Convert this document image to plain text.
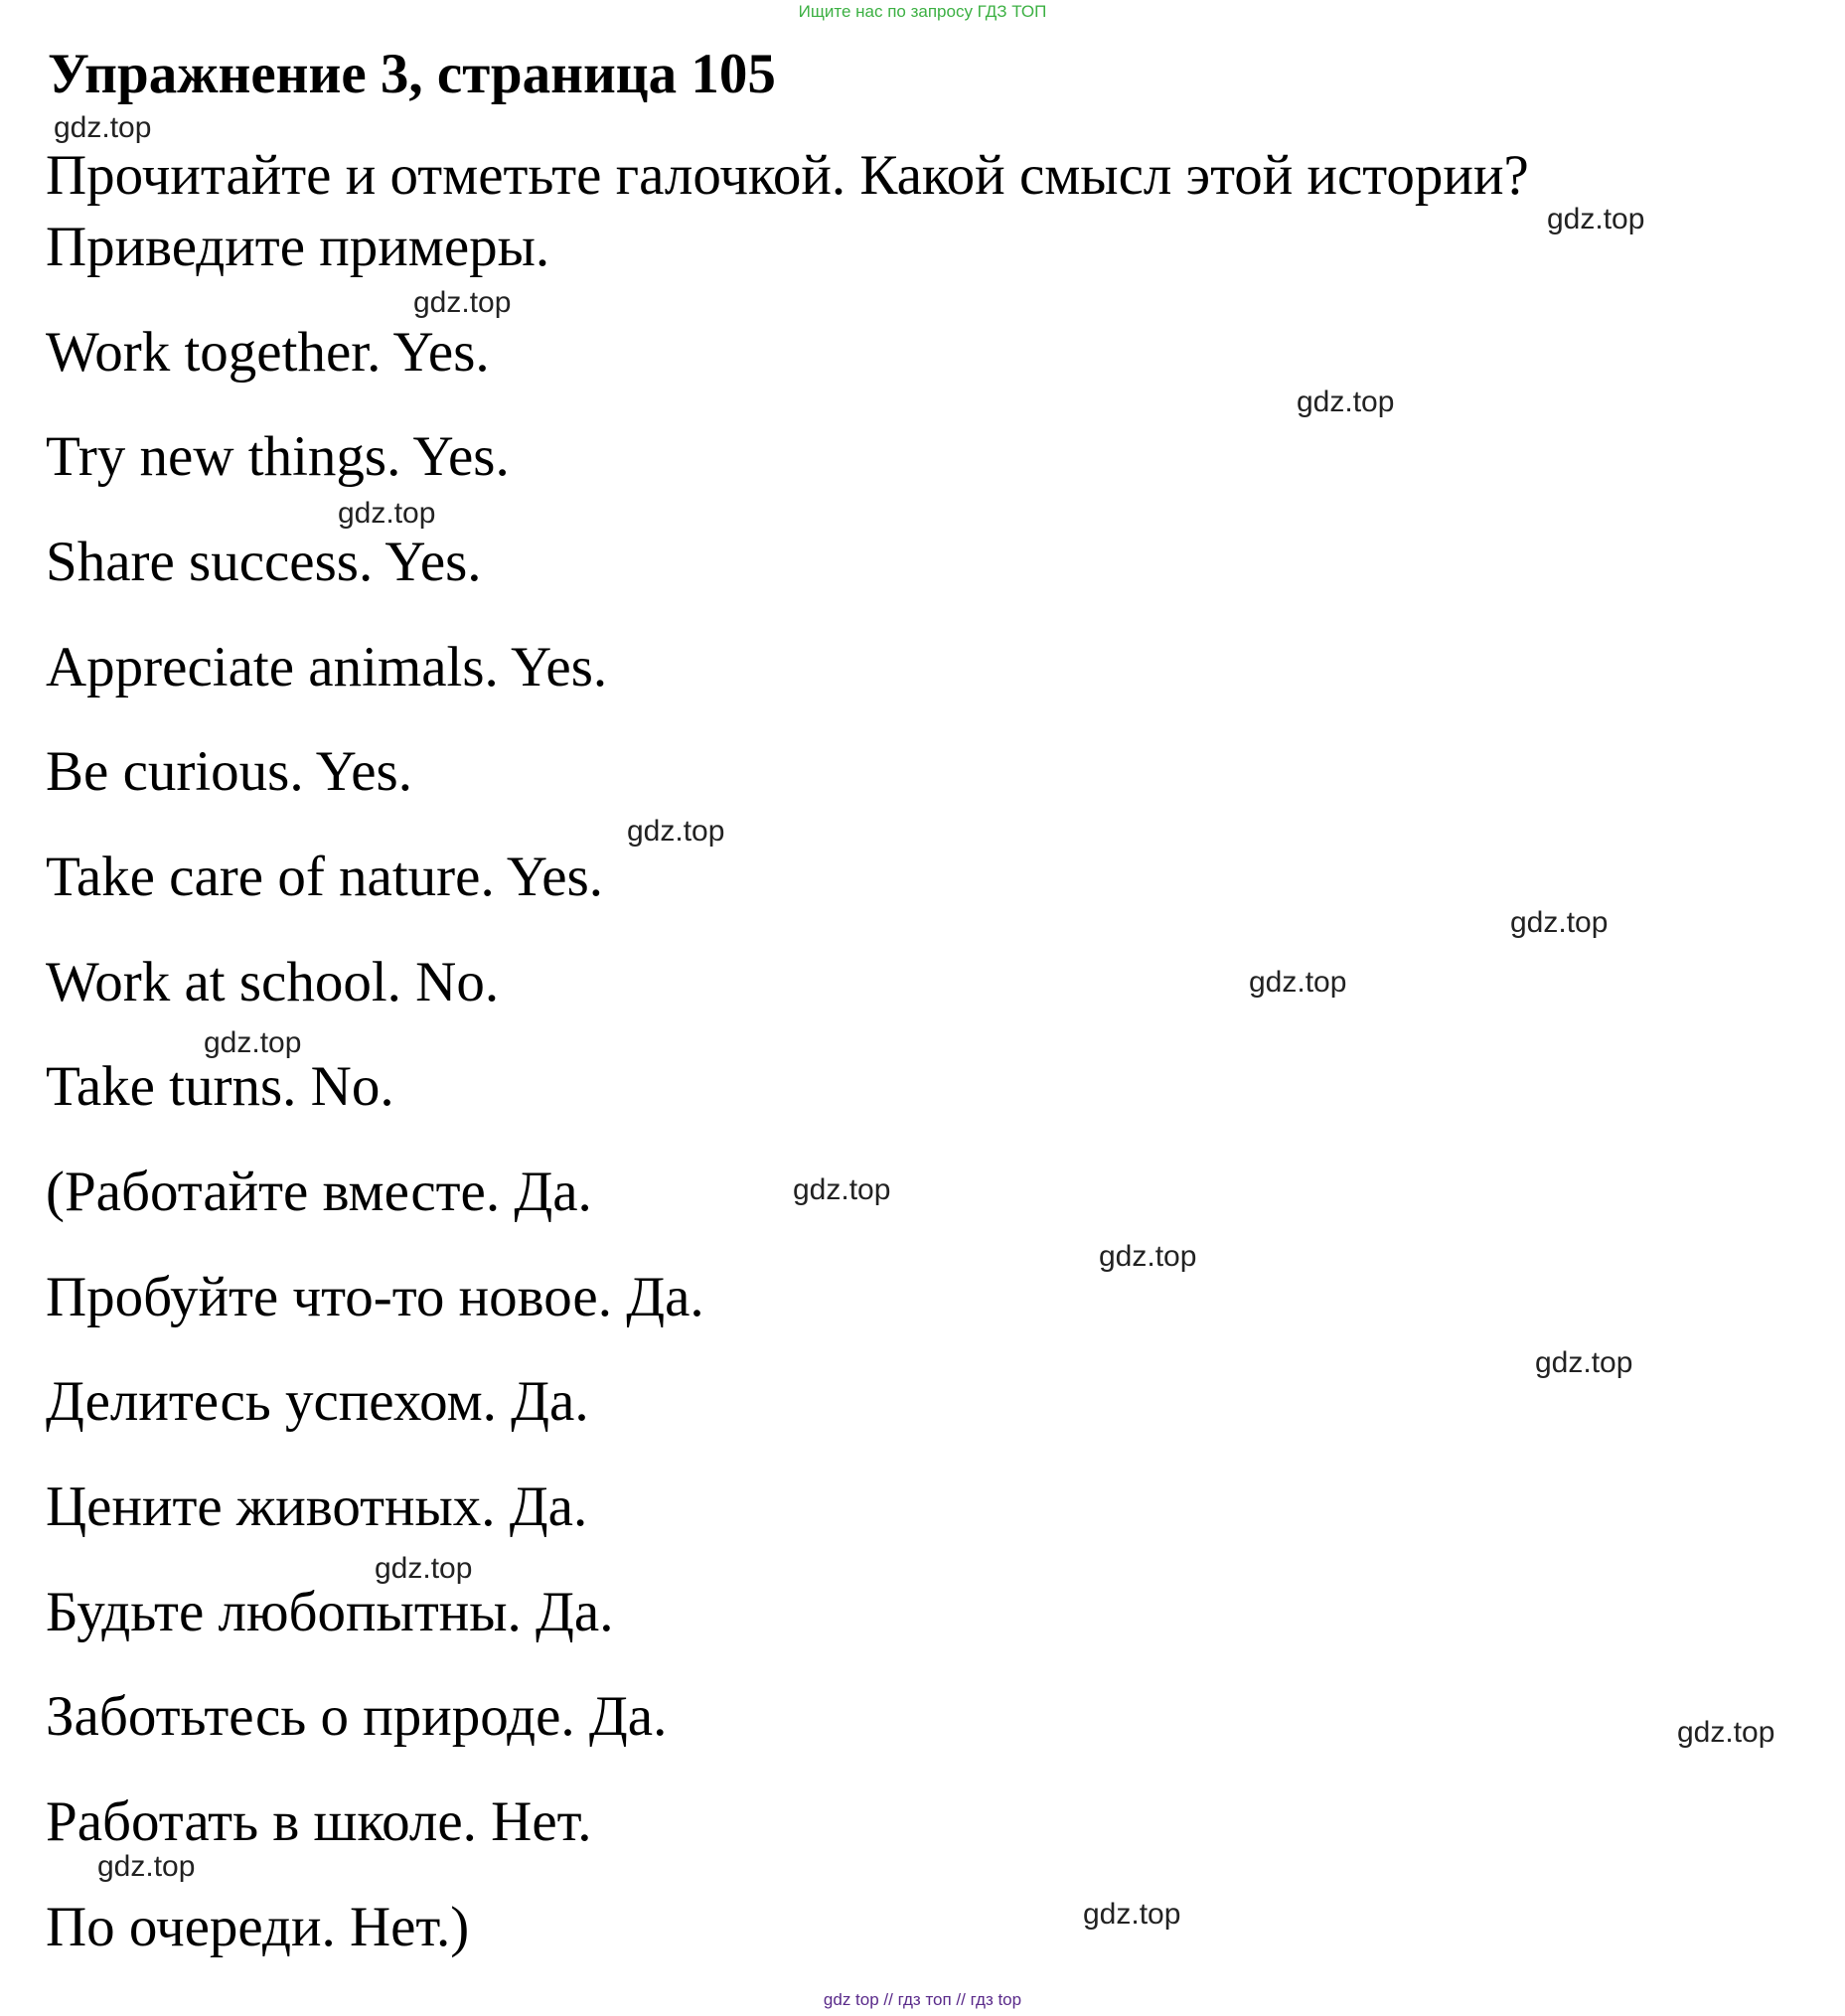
Ищите нас по запросу ГДЗ ТОП
Упражнение 3, страница 105

Прочитайте и отметьте галочкой. Какой смысл этой истории?

Приведите примеры.

Work together. Yes.

Try new things. Yes.

Share success. Yes.

Appreciate animals. Yes.

Be curious. Yes.

Take care of nature. Yes.

Work at school. No.

Take turns. No.

(Работайте вместе. Да.

Пробуйте что-то новое. Да.

Делитесь успехом. Да.

Цените животных. Да.

Будьте любопытны. Да.

Заботьтесь о природе. Да.

Работать в школе. Нет.

По очереди. Нет.)

gdz.top
gdz.top
gdz.top
gdz.top
gdz.top
gdz.top
gdz.top
gdz.top
gdz.top
gdz.top
gdz.top
gdz.top
gdz.top
gdz.top
gdz.top
gdz.top
gdz top // гдз топ // гдз top
